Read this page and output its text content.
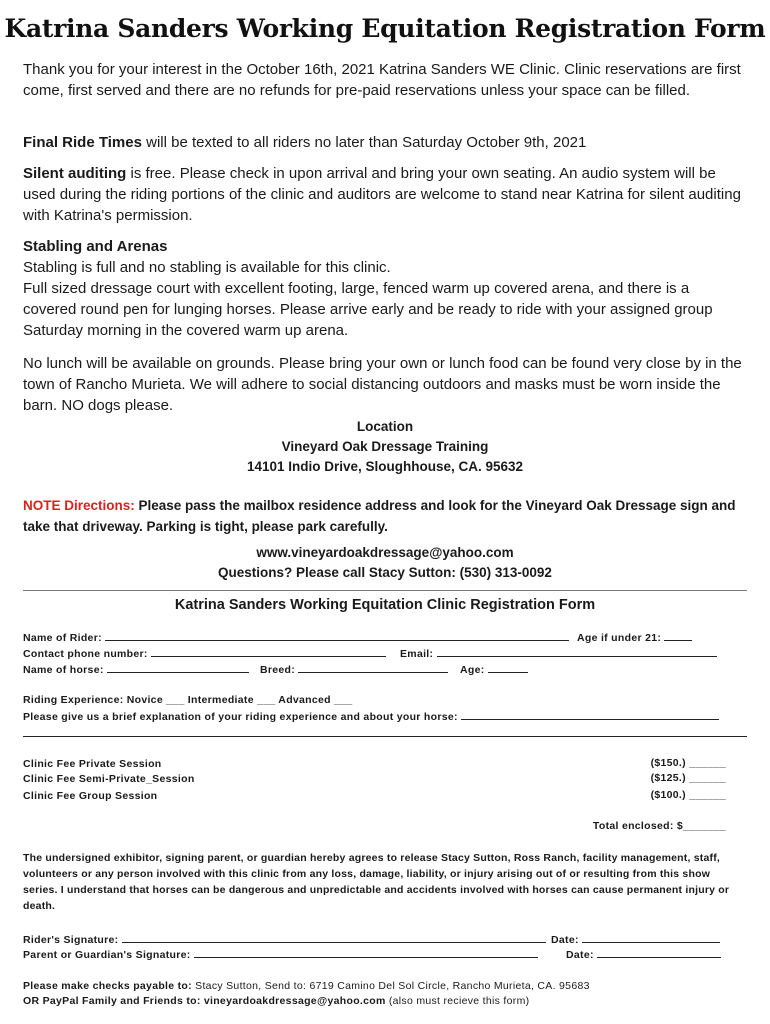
Katrina Sanders Working Equitation Registration Form
Thank you for your interest in the October 16th, 2021 Katrina Sanders WE Clinic. Clinic reservations are first come, first served and there are no refunds for pre-paid reservations unless your space can be filled.
Final Ride Times will be texted to all riders no later than Saturday October 9th, 2021
Silent auditing is free. Please check in upon arrival and bring your own seating. An audio system will be used during the riding portions of the clinic and auditors are welcome to stand near Katrina for silent auditing with Katrina's permission.
Stabling and Arenas
Stabling is full and no stabling is available for this clinic.
Full sized dressage court with excellent footing, large, fenced warm up covered arena, and there is a covered round pen for lunging horses. Please arrive early and be ready to ride with your assigned group Saturday morning in the covered warm up arena.
No lunch will be available on grounds. Please bring your own or lunch food can be found very close by in the town of Rancho Murieta. We will adhere to social distancing outdoors and masks must be worn inside the barn. NO dogs please.
Location
Vineyard Oak Dressage Training
14101 Indio Drive, Sloughhouse, CA. 95632
NOTE Directions: Please pass the mailbox residence address and look for the Vineyard Oak Dressage sign and take that driveway. Parking is tight, please park carefully.
www.vineyardoakdressage@yahoo.com
Questions? Please call Stacy Sutton: (530) 313-0092
Katrina Sanders Working Equitation Clinic Registration Form
Name of Rider:	Age if under 21:
Contact phone number:	Email:
Name of horse:	Breed:	Age:
Riding Experience: Novice ___ Intermediate ___ Advanced ___
Please give us a brief explanation of your riding experience and about your horse:
Clinic Fee Private Session	($150.) ______
Clinic Fee Semi-Private_Session	($125.) ______
Clinic Fee Group Session	($100.) ______
Total enclosed: $_______
The undersigned exhibitor, signing parent, or guardian hereby agrees to release Stacy Sutton, Ross Ranch, facility management, staff, volunteers or any person involved with this clinic from any loss, damage, liability, or injury arising out of or resulting from this show series. I understand that horses can be dangerous and unpredictable and accidents involved with horses can cause permanent injury or death.
Rider's Signature:	Date:
Parent or Guardian's Signature:	Date:
Please make checks payable to: Stacy Sutton, Send to: 6719 Camino Del Sol Circle, Rancho Murieta, CA. 95683
OR PayPal Family and Friends to: vineyardoakdressage@yahoo.com (also must recieve this form)
